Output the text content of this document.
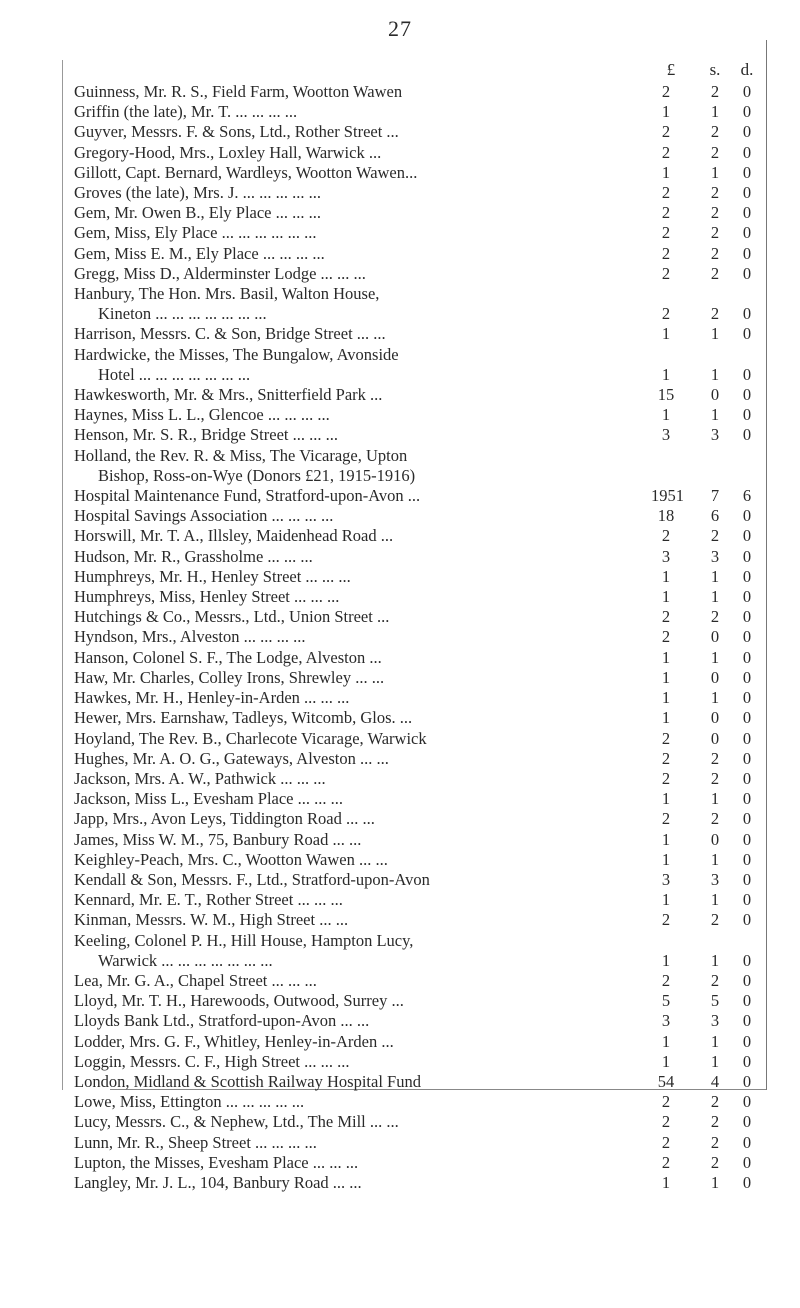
27
£	s.	d.
Guinness, Mr. R. S., Field Farm, Wootton Wawen	2	2	0
Griffin (the late), Mr. T. ... ... ... ...	1	1	0
Guyver, Messrs. F. & Sons, Ltd., Rother Street ...	2	2	0
Gregory-Hood, Mrs., Loxley Hall, Warwick ...	2	2	0
Gillott, Capt. Bernard, Wardleys, Wootton Wawen...	1	1	0
Groves (the late), Mrs. J. ... ... ... ... ...	2	2	0
Gem, Mr. Owen B., Ely Place ... ... ...	2	2	0
Gem, Miss, Ely Place ... ... ... ... ... ...	2	2	0
Gem, Miss E. M., Ely Place ... ... ... ...	2	2	0
Gregg, Miss D., Alderminster Lodge ... ... ...	2	2	0
Hanbury, The Hon. Mrs. Basil, Walton House,
Kineton ... ... ... ... ... ... ...	2	2	0
Harrison, Messrs. C. & Son, Bridge Street ... ...	1	1	0
Hardwicke, the Misses, The Bungalow, Avonside
Hotel ... ... ... ... ... ... ...	1	1	0
Hawkesworth, Mr. & Mrs., Snitterfield Park ...	15	0	0
Haynes, Miss L. L., Glencoe ... ... ... ...	1	1	0
Henson, Mr. S. R., Bridge Street ... ... ...	3	3	0
Holland, the Rev. R. & Miss, The Vicarage, Upton
Bishop, Ross-on-Wye (Donors £21, 1915-1916)
Hospital Maintenance Fund, Stratford-upon-Avon ...	1951	7	6
Hospital Savings Association ... ... ... ...	18	6	0
Horswill, Mr. T. A., Illsley, Maidenhead Road ...	2	2	0
Hudson, Mr. R., Grassholme ... ... ...	3	3	0
Humphreys, Mr. H., Henley Street ... ... ...	1	1	0
Humphreys, Miss, Henley Street ... ... ...	1	1	0
Hutchings & Co., Messrs., Ltd., Union Street ...	2	2	0
Hyndson, Mrs., Alveston ... ... ... ...	2	0	0
Hanson, Colonel S. F., The Lodge, Alveston ...	1	1	0
Haw, Mr. Charles, Colley Irons, Shrewley ... ...	1	0	0
Hawkes, Mr. H., Henley-in-Arden ... ... ...	1	1	0
Hewer, Mrs. Earnshaw, Tadleys, Witcomb, Glos. ...	1	0	0
Hoyland, The Rev. B., Charlecote Vicarage, Warwick	2	0	0
Hughes, Mr. A. O. G., Gateways, Alveston ... ...	2	2	0
Jackson, Mrs. A. W., Pathwick ... ... ...	2	2	0
Jackson, Miss L., Evesham Place ... ... ...	1	1	0
Japp, Mrs., Avon Leys, Tiddington Road ... ...	2	2	0
James, Miss W. M., 75, Banbury Road ... ...	1	0	0
Keighley-Peach, Mrs. C., Wootton Wawen ... ...	1	1	0
Kendall & Son, Messrs. F., Ltd., Stratford-upon-Avon	3	3	0
Kennard, Mr. E. T., Rother Street ... ... ...	1	1	0
Kinman, Messrs. W. M., High Street ... ...	2	2	0
Keeling, Colonel P. H., Hill House, Hampton Lucy,
Warwick ... ... ... ... ... ... ...	1	1	0
Lea, Mr. G. A., Chapel Street ... ... ...	2	2	0
Lloyd, Mr. T. H., Harewoods, Outwood, Surrey ...	5	5	0
Lloyds Bank Ltd., Stratford-upon-Avon ... ...	3	3	0
Lodder, Mrs. G. F., Whitley, Henley-in-Arden ...	1	1	0
Loggin, Messrs. C. F., High Street ... ... ...	1	1	0
London, Midland & Scottish Railway Hospital Fund	54	4	0
Lowe, Miss, Ettington ... ... ... ... ...	2	2	0
Lucy, Messrs. C., & Nephew, Ltd., The Mill ... ...	2	2	0
Lunn, Mr. R., Sheep Street ... ... ... ...	2	2	0
Lupton, the Misses, Evesham Place ... ... ...	2	2	0
Langley, Mr. J. L., 104, Banbury Road ... ...	1	1	0
